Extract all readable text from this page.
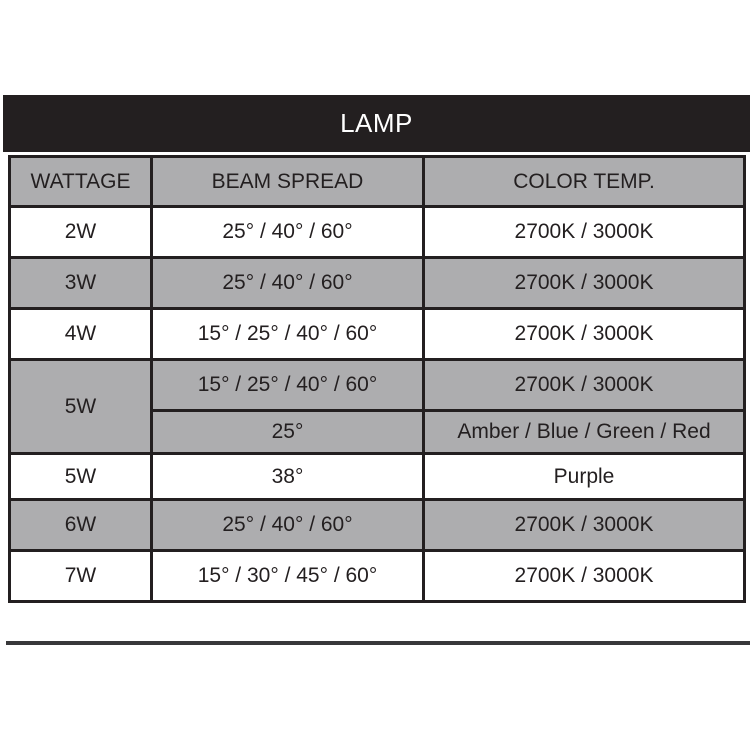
LAMP
WATTAGE	BEAM SPREAD	COLOR TEMP.
2W	25° / 40° / 60°	2700K / 3000K
3W	25° / 40° / 60°	2700K / 3000K
4W	15° / 25° / 40° / 60°	2700K / 3000K
5W	15° / 25° / 40° / 60°	2700K / 3000K
	25°	Amber / Blue / Green / Red
5W	38°	Purple
6W	25° / 40° / 60°	2700K / 3000K
7W	15° / 30° / 45° / 60°	2700K / 3000K
